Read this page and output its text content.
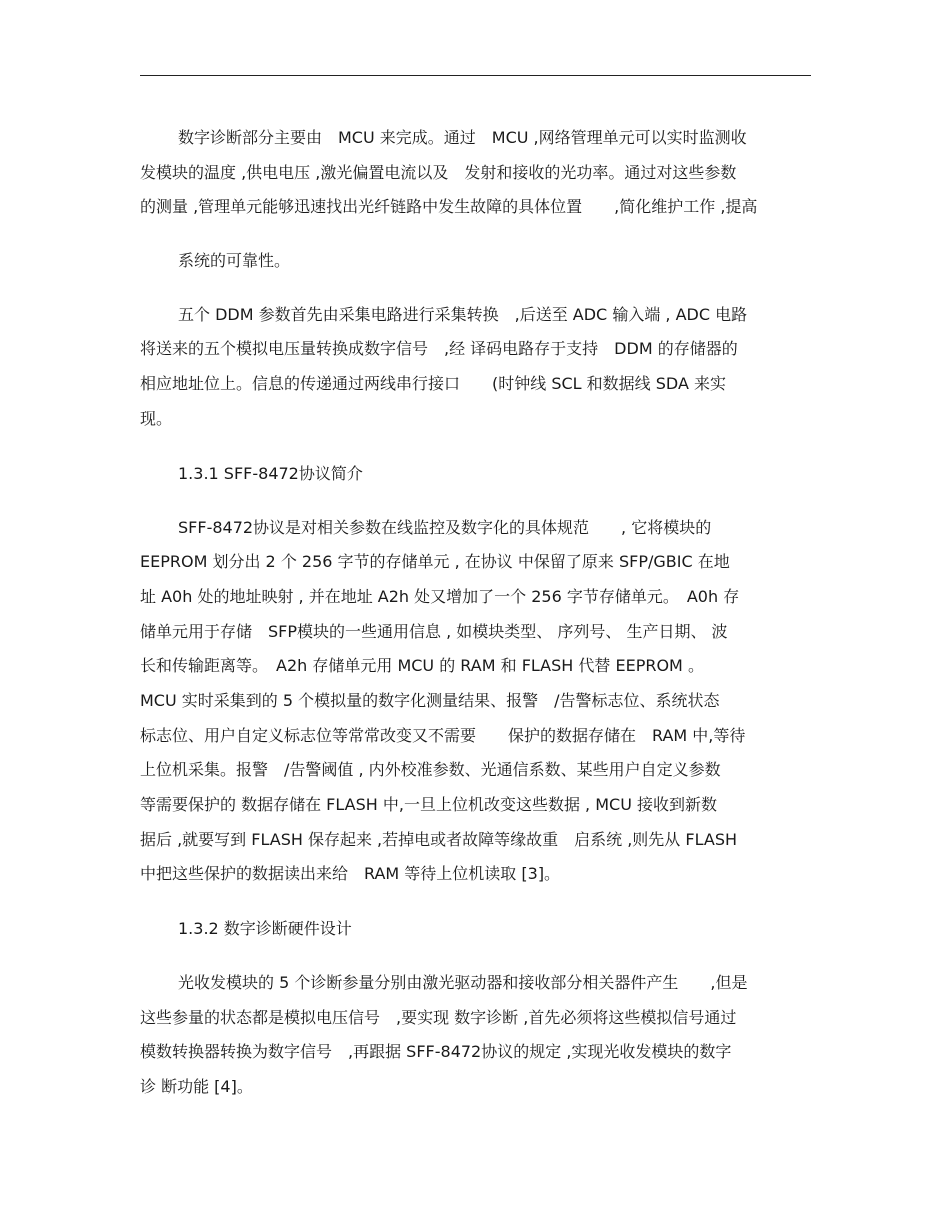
数字诊断部分主要由　MCU 来完成。通过　MCU ,网络管理单元可以实时监测收
发模块的温度 ,供电电压 ,激光偏置电流以及　发射和接收的光功率。通过对这些参数
的测量 ,管理单元能够迅速找出光纤链路中发生故障的具体位置　　,简化维护工作 ,提高
系统的可靠性。
五个 DDM 参数首先由采集电路进行采集转换　,后送至 ADC 输入端 , ADC 电路
将送来的五个模拟电压量转换成数字信号　,经 译码电路存于支持　DDM 的存储器的
相应地址位上。信息的传递通过两线串行接口　　(时钟线 SCL 和数据线 SDA 来实
现。
1.3.1 SFF-8472协议简介
SFF-8472协议是对相关参数在线监控及数字化的具体规范　　, 它将模块的
EEPROM 划分出 2 个 256 字节的存储单元 , 在协议 中保留了原来 SFP/GBIC 在地
址 A0h 处的地址映射 , 并在地址 A2h 处又增加了一个 256 字节存储单元。　A0h 存
储单元用于存储　SFP模块的一些通用信息 , 如模块类型、 序列号、 生产日期、 波
长和传输距离等。　A2h 存储单元用 MCU 的 RAM 和 FLASH 代替 EEPROM 。
MCU 实时采集到的 5 个模拟量的数字化测量结果、报警　/告警标志位、系统状态
标志位、用户自定义标志位等常常改变又不需要　　保护的数据存储在　RAM 中,等待
上位机采集。报警　/告警阈值 , 内外校准参数、光通信系数、某些用户自定义参数
等需要保护的 数据存储在 FLASH 中,一旦上位机改变这些数据 , MCU 接收到新数
据后 ,就要写到 FLASH 保存起来 ,若掉电或者故障等缘故重　启系统 ,则先从 FLASH
中把这些保护的数据读出来给　RAM 等待上位机读取 [3]。
1.3.2 数字诊断硬件设计
光收发模块的 5 个诊断参量分别由激光驱动器和接收部分相关器件产生　　,但是
这些参量的状态都是模拟电压信号　,要实现 数字诊断 ,首先必须将这些模拟信号通过
模数转换器转换为数字信号　,再跟据 SFF-8472协议的规定 ,实现光收发模块的数字
诊 断功能 [4]。
